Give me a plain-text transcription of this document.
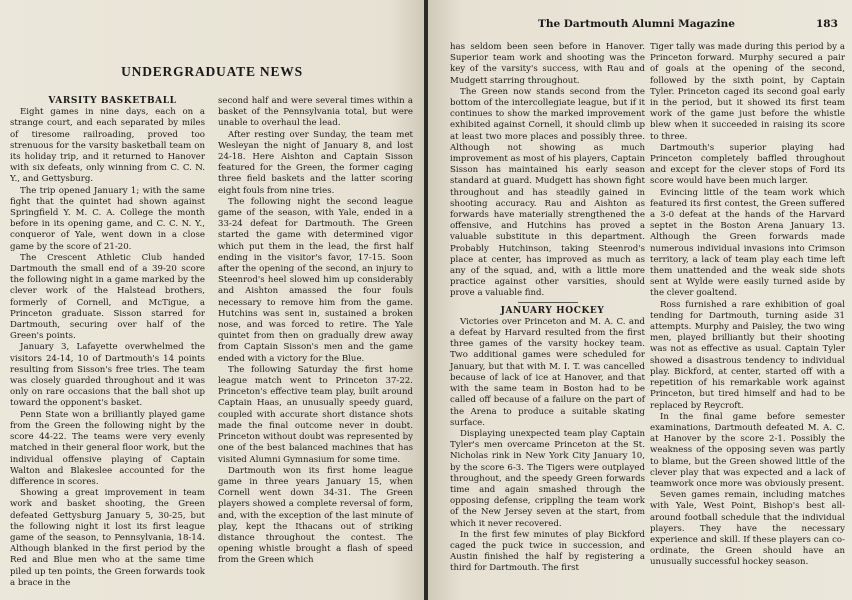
UNDERGRADUATE NEWS

VARSITY BASKETBALL

Eight games in nine days, each on a strange court, and each separated by miles of tiresome railroading, proved too strenuous for the varsity basketball team on its holiday trip, and it returned to Hanover with six defeats, only winning from C. C. N. Y., and Gettysburg.

The trip opened January 1; with the same fight that the quintet had shown against Springfield Y. M. C. A. College the month before in its opening game, and C. C. N. Y., conqueror of Yale, went down in a close game by the score of 21-20.

The Crescent Athletic Club handed Dartmouth the small end of a 39-20 score the following night in a game marked by the clever work of the Halstead brothers, formerly of Cornell, and McTigue, a Princeton graduate. Sisson starred for Dartmouth, securing over half of the Green's points.

January 3, Lafayette overwhelmed the visitors 24-14, 10 of Dartmouth's 14 points resulting from Sisson's free tries. The team was closely guarded throughout and it was only on rare occasions that the ball shot up toward the opponent's basket.

Penn State won a brilliantly played game from the Green the following night by the score 44-22. The teams were very evenly matched in their general floor work, but the individual offensive playing of Captain Walton and Blakeslee accounted for the difference in scores.

Showing a great improvement in team work and basket shooting, the Green defeated Gettysburg January 5, 30-25, but the following night it lost its first league game of the season, to Pennsylvania, 18-14. Although blanked in the first period by the Red and Blue men who at the same time piled up ten points, the Green forwards took a brace in the

second half and were several times within a basket of the Pennsylvania total, but were unable to overhaul the lead.

After resting over Sunday, the team met Wesleyan the night of January 8, and lost 24-18. Here Aishton and Captain Sisson featured for the Green, the former caging three field baskets and the latter scoring eight fouls from nine tries.

The following night the second league game of the season, with Yale, ended in a 33-24 defeat for Dartmouth. The Green started the game with determined vigor which put them in the lead, the first half ending in the visitor's favor, 17-15. Soon after the opening of the second, an injury to Steenrod's heel slowed him up considerably and Aishton amassed the four fouls necessary to remove him from the game. Hutchins was sent in, sustained a broken nose, and was forced to retire. The Yale quintet from then on gradually drew away from Captain Sisson's men and the game ended with a victory for the Blue.

The following Saturday the first home league match went to Princeton 37-22. Princeton's effective team play, built around Captain Haas, an unusually speedy guard, coupled with accurate short distance shots made the final outcome never in doubt. Princeton without doubt was represented by one of the best balanced machines that has visited Alumni Gymnasium for some time.

Dartmouth won its first home league game in three years January 15, when Cornell went down 34-31. The Green players showed a complete reversal of form, and, with the exception of the last minute of play, kept the Ithacans out of striking distance throughout the contest. The opening whistle brought a flash of speed from the Green which

The Dartmouth Alumni Magazine	183

has seldom been seen before in Hanover. Superior team work and shooting was the key of the varsity's success, with Rau and Mudgett starring throughout.

The Green now stands second from the bottom of the intercollegiate league, but if it continues to show the marked improvement exhibited against Cornell, it should climb up at least two more places and possibly three. Although not showing as much improvement as most of his players, Captain Sisson has maintained his early season standard at guard. Mudgett has shown fight throughout and has steadily gained in shooting accuracy. Rau and Aishton as forwards have materially strengthened the offensive, and Hutchins has proved a valuable substitute in this department. Probably Hutchinson, taking Steenrod's place at center, has improved as much as any of the squad, and, with a little more practice against other varsities, should prove a valuable find.

JANUARY HOCKEY

Victories over Princeton and M. A. C. and a defeat by Harvard resulted from the first three games of the varsity hockey team. Two additional games were scheduled for January, but that with M. I. T. was cancelled because of lack of ice at Hanover, and that with the same team in Boston had to be called off because of a failure on the part of the Arena to produce a suitable skating surface.

Displaying unexpected team play Captain Tyler's men overcame Princeton at the St. Nicholas rink in New York City January 10, by the score 6-3. The Tigers were outplayed throughout, and the speedy Green forwards time and again smashed through the opposing defense, crippling the team work of the New Jersey seven at the start, from which it never recovered.

In the first few minutes of play Bickford caged the puck twice in succession, and Austin finished the half by registering a third for Dartmouth. The first

Tiger tally was made during this period by a Princeton forward. Murphy secured a pair of goals at the opening of the second, followed by the sixth point, by Captain Tyler. Princeton caged its second goal early in the period, but it showed its first team work of the game just before the whistle blew when it succeeded in raising its score to three.

Dartmouth's superior playing had Princeton completely baffled throughout and except for the clever stops of Ford its score would have been much larger.

Evincing little of the team work which featured its first contest, the Green suffered a 3-0 defeat at the hands of the Harvard septet in the Boston Arena January 13. Although the Green forwards made numerous individual invasions into Crimson territory, a lack of team play each time left them unattended and the weak side shots sent at Wylde were easily turned aside by the clever goaltend.

Ross furnished a rare exhibition of goal tending for Dartmouth, turning aside 31 attempts. Murphy and Paisley, the two wing men, played brilliantly but their shooting was not as effective as usual. Captain Tyler showed a disastrous tendency to individual play. Bickford, at center, started off with a repetition of his remarkable work against Princeton, but tired himself and had to be replaced by Reycroft.

In the final game before semester examinations, Dartmouth defeated M. A. C. at Hanover by the score 2-1. Possibly the weakness of the opposing seven was partly to blame, but the Green showed little of the clever play that was expected and a lack of teamwork once more was obviously present.

Seven games remain, including matches with Yale, West Point, Bishop's best all-around football schedule that the individual players. They have the necessary experience and skill. If these players can co-ordinate, the Green should have an unusually successful hockey season.
